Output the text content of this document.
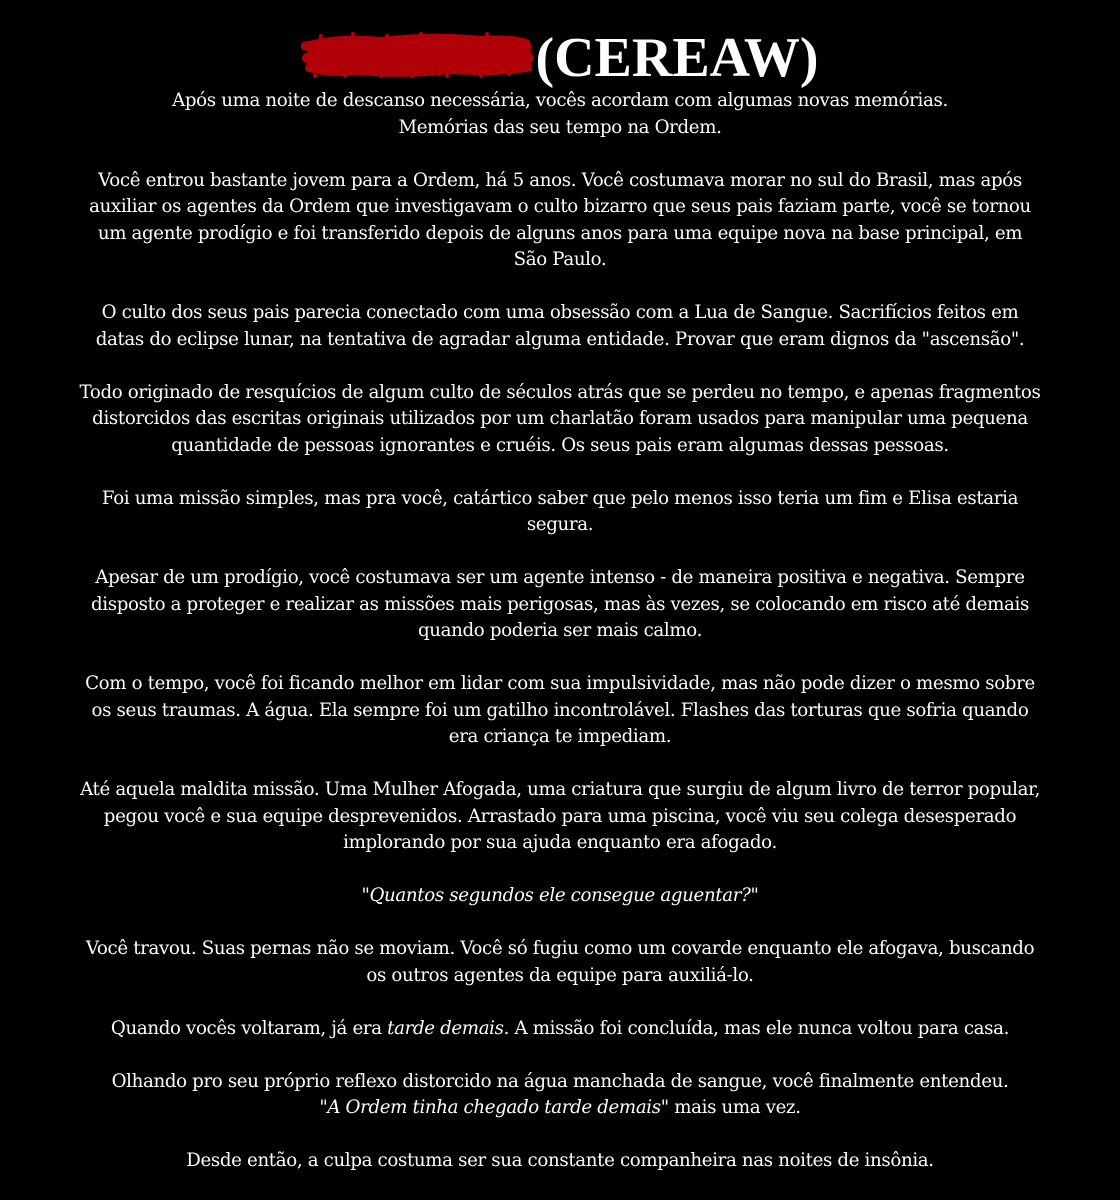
(CEREAW)

Após uma noite de descanso necessária, vocês acordam com algumas novas memórias.
Memórias das seu tempo na Ordem.

Você entrou bastante jovem para a Ordem, há 5 anos. Você costumava morar no sul do Brasil, mas após
auxiliar os agentes da Ordem que investigavam o culto bizarro que seus pais faziam parte, você se tornou
um agente prodígio e foi transferido depois de alguns anos para uma equipe nova na base principal, em
São Paulo.

O culto dos seus pais parecia conectado com uma obsessão com a Lua de Sangue. Sacrifícios feitos em
datas do eclipse lunar, na tentativa de agradar alguma entidade. Provar que eram dignos da "ascensão".

Todo originado de resquícios de algum culto de séculos atrás que se perdeu no tempo, e apenas fragmentos
distorcidos das escritas originais utilizados por um charlatão foram usados para manipular uma pequena
quantidade de pessoas ignorantes e cruéis. Os seus pais eram algumas dessas pessoas.

Foi uma missão simples, mas pra você, catártico saber que pelo menos isso teria um fim e Elisa estaria
segura.

Apesar de um prodígio, você costumava ser um agente intenso - de maneira positiva e negativa. Sempre
disposto a proteger e realizar as missões mais perigosas, mas às vezes, se colocando em risco até demais
quando poderia ser mais calmo.

Com o tempo, você foi ficando melhor em lidar com sua impulsividade, mas não pode dizer o mesmo sobre
os seus traumas. A água. Ela sempre foi um gatilho incontrolável. Flashes das torturas que sofria quando
era criança te impediam.

Até aquela maldita missão. Uma Mulher Afogada, uma criatura que surgiu de algum livro de terror popular,
pegou você e sua equipe desprevenidos. Arrastado para uma piscina, você viu seu colega desesperado
implorando por sua ajuda enquanto era afogado.

"Quantos segundos ele consegue aguentar?"

Você travou. Suas pernas não se moviam. Você só fugiu como um covarde enquanto ele afogava, buscando
os outros agentes da equipe para auxiliá-lo.

Quando vocês voltaram, já era tarde demais. A missão foi concluída, mas ele nunca voltou para casa.

Olhando pro seu próprio reflexo distorcido na água manchada de sangue, você finalmente entendeu.
"A Ordem tinha chegado tarde demais" mais uma vez.

Desde então, a culpa costuma ser sua constante companheira nas noites de insônia.
